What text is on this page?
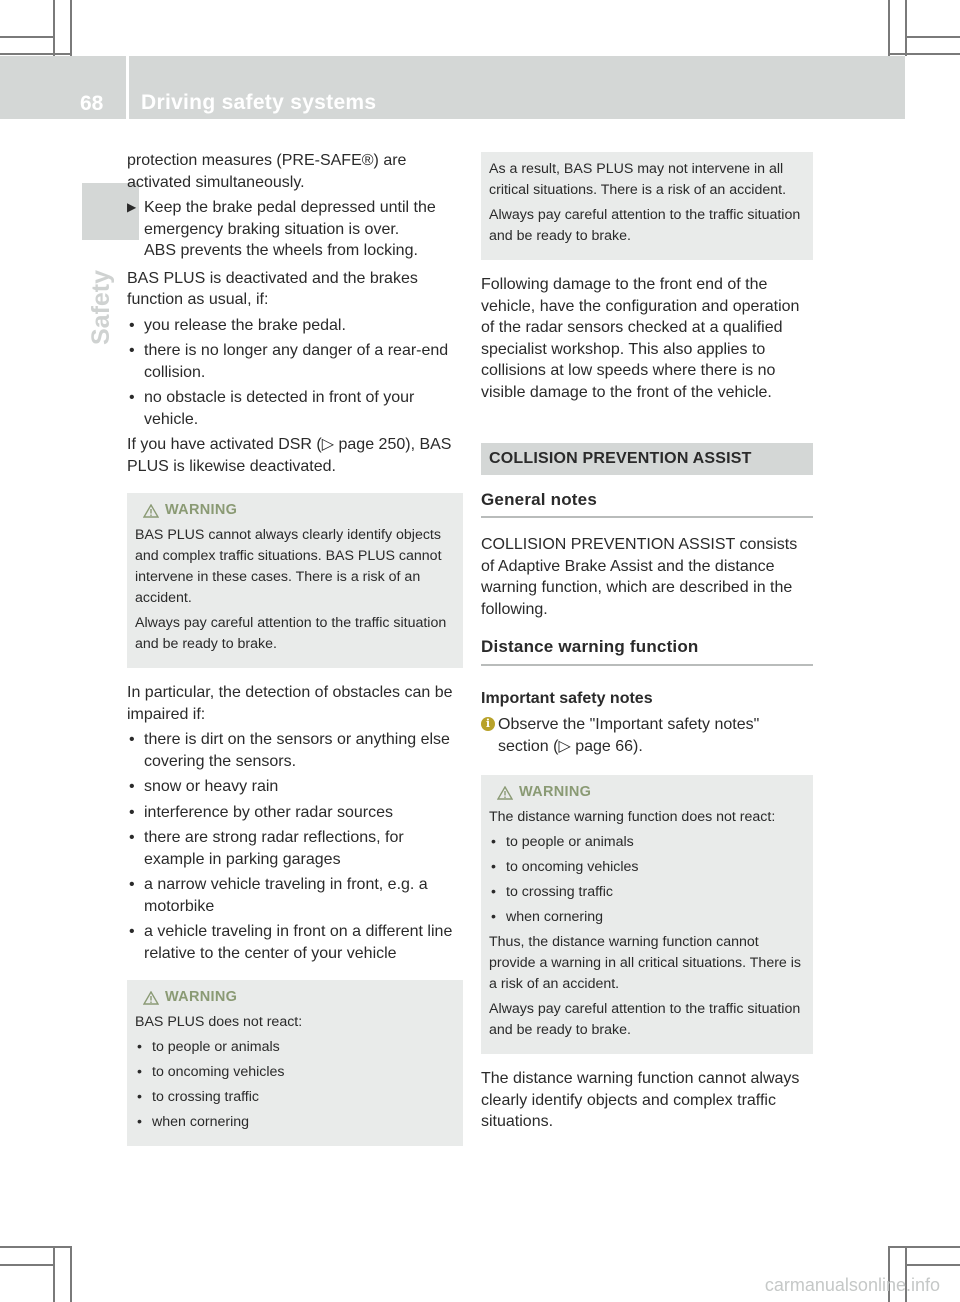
68 Driving safety systems
Safety

protection measures (PRE-SAFE®) are activated simultaneously.

▶ Keep the brake pedal depressed until the emergency braking situation is over.

ABS prevents the wheels from locking.

BAS PLUS is deactivated and the brakes function as usual, if:

• you release the brake pedal.
• there is no longer any danger of a rear-end collision.
• no obstacle is detected in front of your vehicle.

If you have activated DSR (▷ page 250), BAS PLUS is likewise deactivated.

WARNING

BAS PLUS cannot always clearly identify objects and complex traffic situations. BAS PLUS cannot intervene in these cases. There is a risk of an accident.

Always pay careful attention to the traffic situation and be ready to brake.

In particular, the detection of obstacles can be impaired if:

• there is dirt on the sensors or anything else covering the sensors.
• snow or heavy rain
• interference by other radar sources
• there are strong radar reflections, for example in parking garages
• a narrow vehicle traveling in front, e.g. a motorbike
• a vehicle traveling in front on a different line relative to the center of your vehicle
WARNING

BAS PLUS does not react:

• to people or animals
• to oncoming vehicles
• to crossing traffic
• when cornering

As a result, BAS PLUS may not intervene in all critical situations. There is a risk of an accident.

Always pay careful attention to the traffic situation and be ready to brake.

Following damage to the front end of the vehicle, have the configuration and operation of the radar sensors checked at a qualified specialist workshop. This also applies to collisions at low speeds where there is no visible damage to the front of the vehicle.

COLLISION PREVENTION ASSIST
General notes

COLLISION PREVENTION ASSIST consists of Adaptive Brake Assist and the distance warning function, which are described in the following.

Distance warning function
Important safety notes
i Observe the "Important safety notes" section (▷ page 66).

WARNING

The distance warning function does not react:

• to people or animals
• to oncoming vehicles
• to crossing traffic
• when cornering

Thus, the distance warning function cannot provide a warning in all critical situations. There is a risk of an accident.

Always pay careful attention to the traffic situation and be ready to brake.

The distance warning function cannot always clearly identify objects and complex traffic situations.

carmanualsonline.info
